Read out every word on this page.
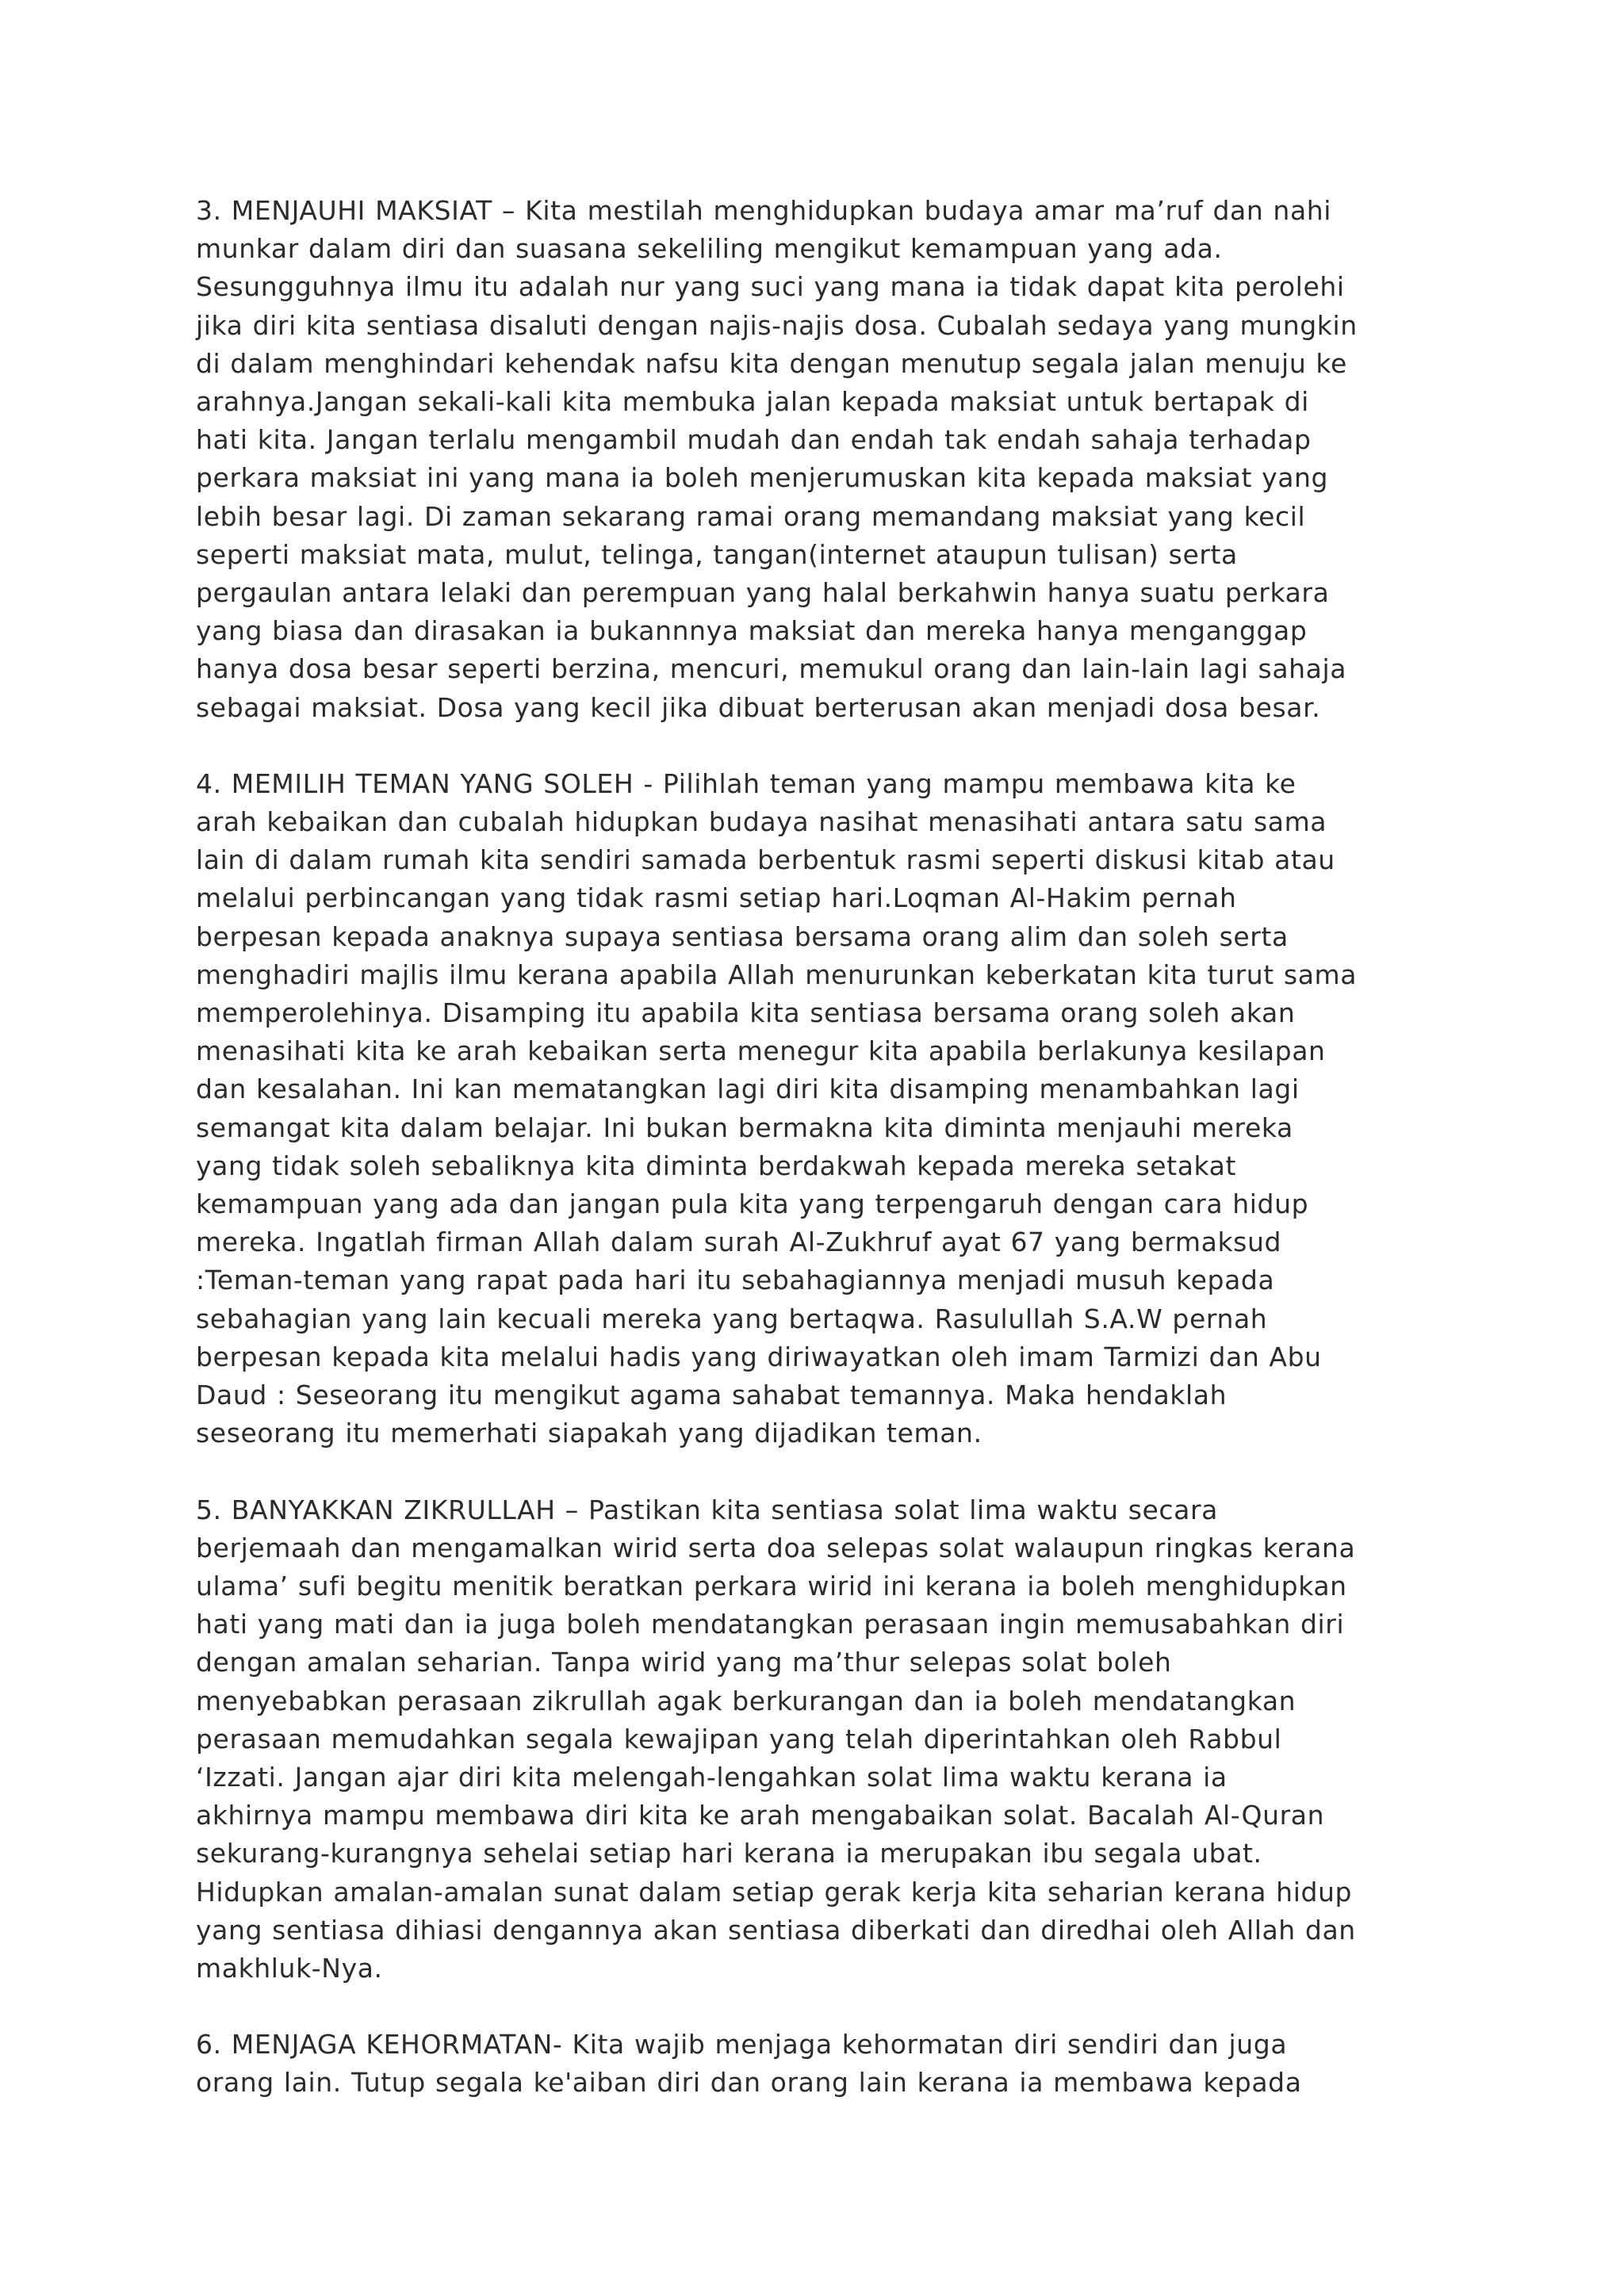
3. MENJAUHI MAKSIAT – Kita mestilah menghidupkan budaya amar ma’ruf dan nahi
munkar dalam diri dan suasana sekeliling mengikut kemampuan yang ada.
Sesungguhnya ilmu itu adalah nur yang suci yang mana ia tidak dapat kita perolehi
jika diri kita sentiasa disaluti dengan najis-najis dosa. Cubalah sedaya yang mungkin
di dalam menghindari kehendak nafsu kita dengan menutup segala jalan menuju ke
arahnya.Jangan sekali-kali kita membuka jalan kepada maksiat untuk bertapak di
hati kita. Jangan terlalu mengambil mudah dan endah tak endah sahaja terhadap
perkara maksiat ini yang mana ia boleh menjerumuskan kita kepada maksiat yang
lebih besar lagi. Di zaman sekarang ramai orang memandang maksiat yang kecil
seperti maksiat mata, mulut, telinga, tangan(internet ataupun tulisan) serta
pergaulan antara lelaki dan perempuan yang halal berkahwin hanya suatu perkara
yang biasa dan dirasakan ia bukannnya maksiat dan mereka hanya menganggap
hanya dosa besar seperti berzina, mencuri, memukul orang dan lain-lain lagi sahaja
sebagai maksiat. Dosa yang kecil jika dibuat berterusan akan menjadi dosa besar.
4. MEMILIH TEMAN YANG SOLEH - Pilihlah teman yang mampu membawa kita ke
arah kebaikan dan cubalah hidupkan budaya nasihat menasihati antara satu sama
lain di dalam rumah kita sendiri samada berbentuk rasmi seperti diskusi kitab atau
melalui perbincangan yang tidak rasmi setiap hari.Loqman Al-Hakim pernah
berpesan kepada anaknya supaya sentiasa bersama orang alim dan soleh serta
menghadiri majlis ilmu kerana apabila Allah menurunkan keberkatan kita turut sama
memperolehinya. Disamping itu apabila kita sentiasa bersama orang soleh akan
menasihati kita ke arah kebaikan serta menegur kita apabila berlakunya kesilapan
dan kesalahan. Ini kan mematangkan lagi diri kita disamping menambahkan lagi
semangat kita dalam belajar. Ini bukan bermakna kita diminta menjauhi mereka
yang tidak soleh sebaliknya kita diminta berdakwah kepada mereka setakat
kemampuan yang ada dan jangan pula kita yang terpengaruh dengan cara hidup
mereka. Ingatlah firman Allah dalam surah Al-Zukhruf ayat 67 yang bermaksud
:Teman-teman yang rapat pada hari itu sebahagiannya menjadi musuh kepada
sebahagian yang lain kecuali mereka yang bertaqwa. Rasulullah S.A.W pernah
berpesan kepada kita melalui hadis yang diriwayatkan oleh imam Tarmizi dan Abu
Daud : Seseorang itu mengikut agama sahabat temannya. Maka hendaklah
seseorang itu memerhati siapakah yang dijadikan teman.
5. BANYAKKAN ZIKRULLAH – Pastikan kita sentiasa solat lima waktu secara
berjemaah dan mengamalkan wirid serta doa selepas solat walaupun ringkas kerana
ulama’ sufi begitu menitik beratkan perkara wirid ini kerana ia boleh menghidupkan
hati yang mati dan ia juga boleh mendatangkan perasaan ingin memusabahkan diri
dengan amalan seharian. Tanpa wirid yang ma’thur selepas solat boleh
menyebabkan perasaan zikrullah agak berkurangan dan ia boleh mendatangkan
perasaan memudahkan segala kewajipan yang telah diperintahkan oleh Rabbul
‘Izzati. Jangan ajar diri kita melengah-lengahkan solat lima waktu kerana ia
akhirnya mampu membawa diri kita ke arah mengabaikan solat. Bacalah Al-Quran
sekurang-kurangnya sehelai setiap hari kerana ia merupakan ibu segala ubat.
Hidupkan amalan-amalan sunat dalam setiap gerak kerja kita seharian kerana hidup
yang sentiasa dihiasi dengannya akan sentiasa diberkati dan diredhai oleh Allah dan
makhluk-Nya.
6. MENJAGA KEHORMATAN- Kita wajib menjaga kehormatan diri sendiri dan juga
orang lain. Tutup segala ke'aiban diri dan orang lain kerana ia membawa kepada
